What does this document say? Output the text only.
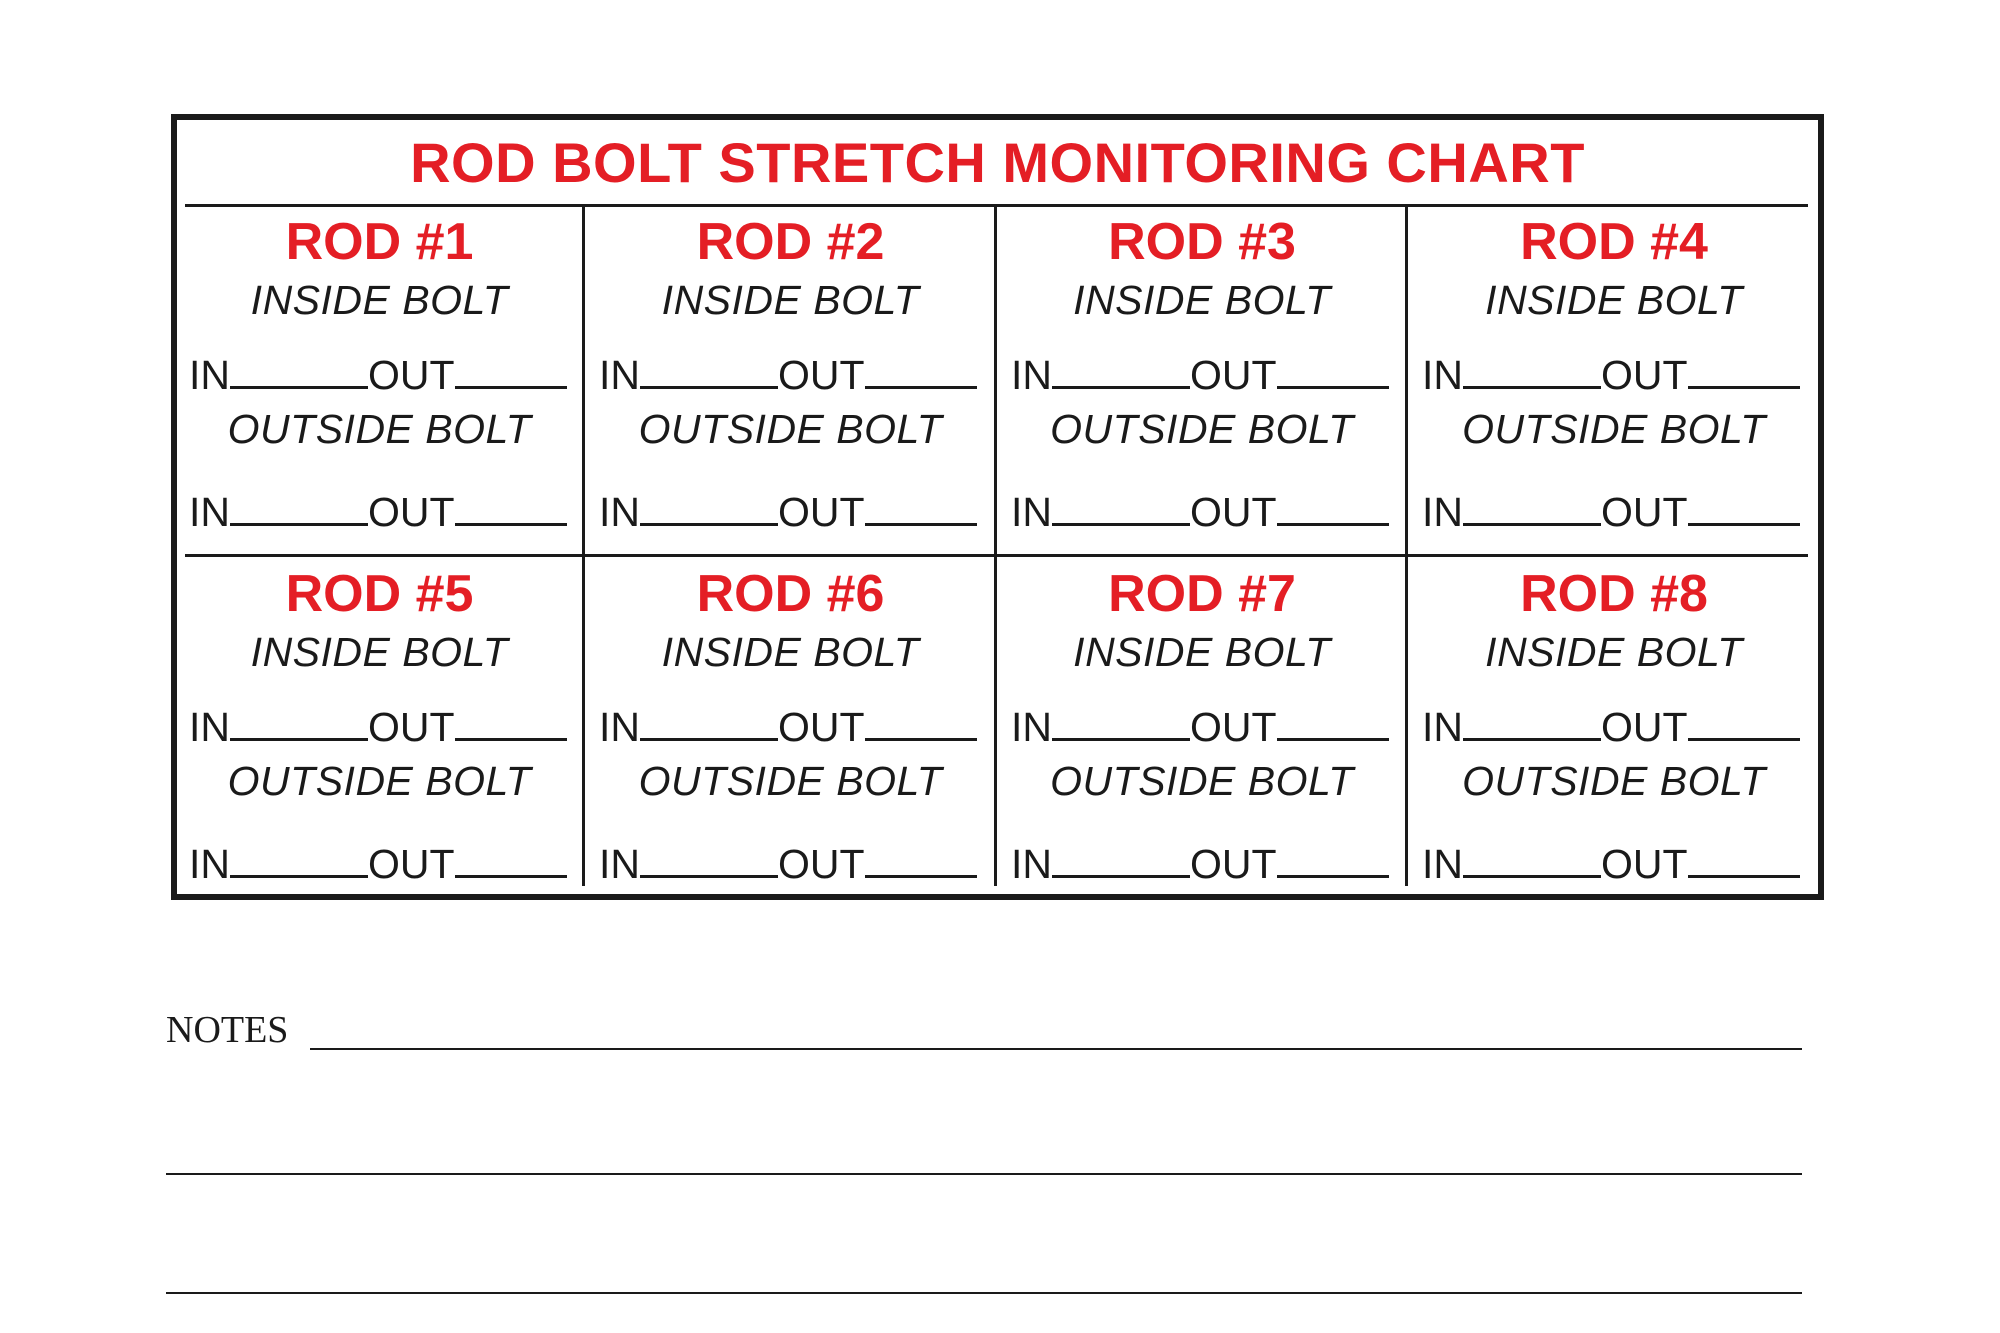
ROD BOLT STRETCH MONITORING CHART
ROD #1
INSIDE BOLT
IN	OUT
OUTSIDE BOLT
IN	OUT
ROD #2
INSIDE BOLT
IN	OUT
OUTSIDE BOLT
IN	OUT
ROD #3
INSIDE BOLT
IN	OUT
OUTSIDE BOLT
IN	OUT
ROD #4
INSIDE BOLT
IN	OUT
OUTSIDE BOLT
IN	OUT
ROD #5
INSIDE BOLT
IN	OUT
OUTSIDE BOLT
IN	OUT
ROD #6
INSIDE BOLT
IN	OUT
OUTSIDE BOLT
IN	OUT
ROD #7
INSIDE BOLT
IN	OUT
OUTSIDE BOLT
IN	OUT
ROD #8
INSIDE BOLT
IN	OUT
OUTSIDE BOLT
IN	OUT
NOTES
